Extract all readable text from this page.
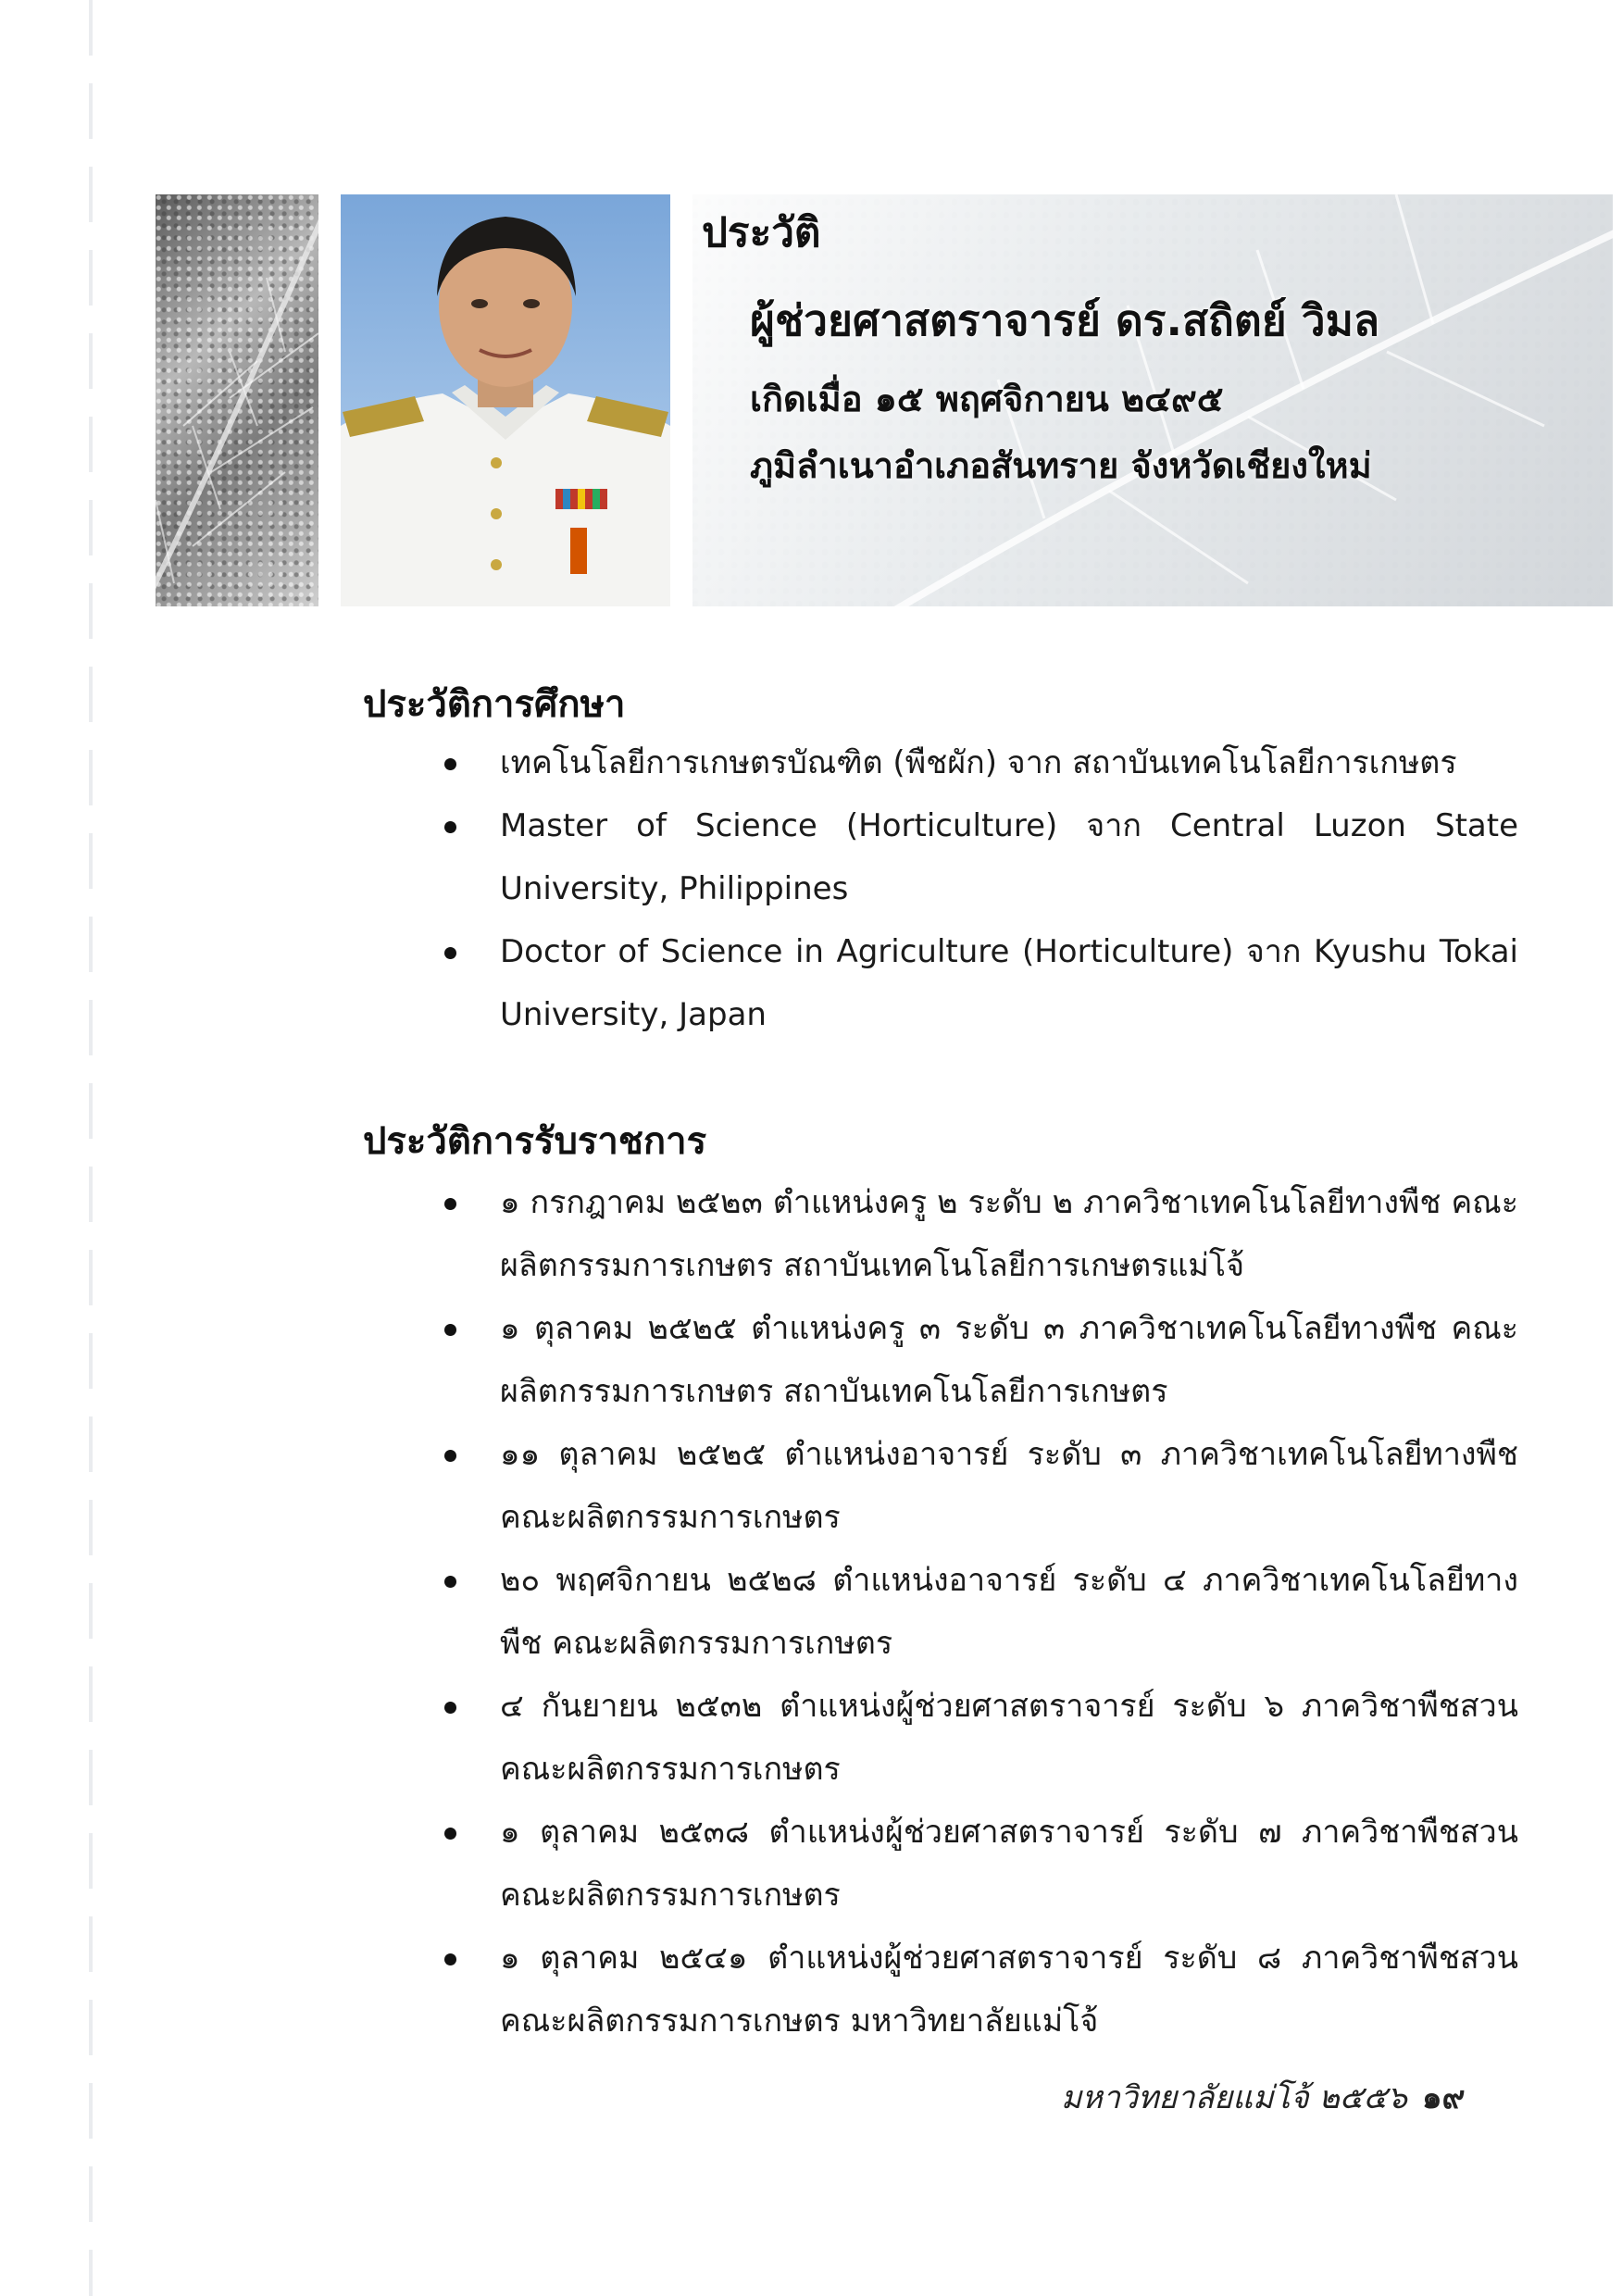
ประวัติ
ผู้ช่วยศาสตราจารย์ ดร.สถิตย์ วิมล
เกิดเมื่อ ๑๕ พฤศจิกายน ๒๔๙๕
ภูมิลำเนาอำเภอสันทราย จังหวัดเชียงใหม่
ประวัติการศึกษา
เทคโนโลยีการเกษตรบัณฑิต (พืชผัก) จาก สถาบันเทคโนโลยีการเกษตร
Master of Science (Horticulture) จาก Central Luzon State University, Philippines
Doctor of Science in Agriculture (Horticulture) จาก Kyushu Tokai University, Japan
ประวัติการรับราชการ
๑ กรกฎาคม ๒๕๒๓ ตำแหน่งครู ๒ ระดับ ๒ ภาควิชาเทคโนโลยีทางพืช คณะผลิตกรรมการเกษตร สถาบันเทคโนโลยีการเกษตรแม่โจ้
๑ ตุลาคม ๒๕๒๕ ตำแหน่งครู ๓ ระดับ ๓ ภาควิชาเทคโนโลยีทางพืช คณะผลิตกรรมการเกษตร สถาบันเทคโนโลยีการเกษตร
๑๑ ตุลาคม ๒๕๒๕ ตำแหน่งอาจารย์ ระดับ ๓ ภาควิชาเทคโนโลยีทางพืช คณะผลิตกรรมการเกษตร
๒๐ พฤศจิกายน ๒๕๒๘ ตำแหน่งอาจารย์ ระดับ ๔ ภาควิชาเทคโนโลยีทางพืช คณะผลิตกรรมการเกษตร
๔ กันยายน ๒๕๓๒ ตำแหน่งผู้ช่วยศาสตราจารย์ ระดับ ๖ ภาควิชาพืชสวน คณะผลิตกรรมการเกษตร
๑ ตุลาคม ๒๕๓๘ ตำแหน่งผู้ช่วยศาสตราจารย์ ระดับ ๗ ภาควิชาพืชสวน คณะผลิตกรรมการเกษตร
๑ ตุลาคม ๒๕๔๑ ตำแหน่งผู้ช่วยศาสตราจารย์ ระดับ ๘ ภาควิชาพืชสวน คณะผลิตกรรมการเกษตร มหาวิทยาลัยแม่โจ้
มหาวิทยาลัยแม่โจ้ ๒๕๕๖ ๑๙
